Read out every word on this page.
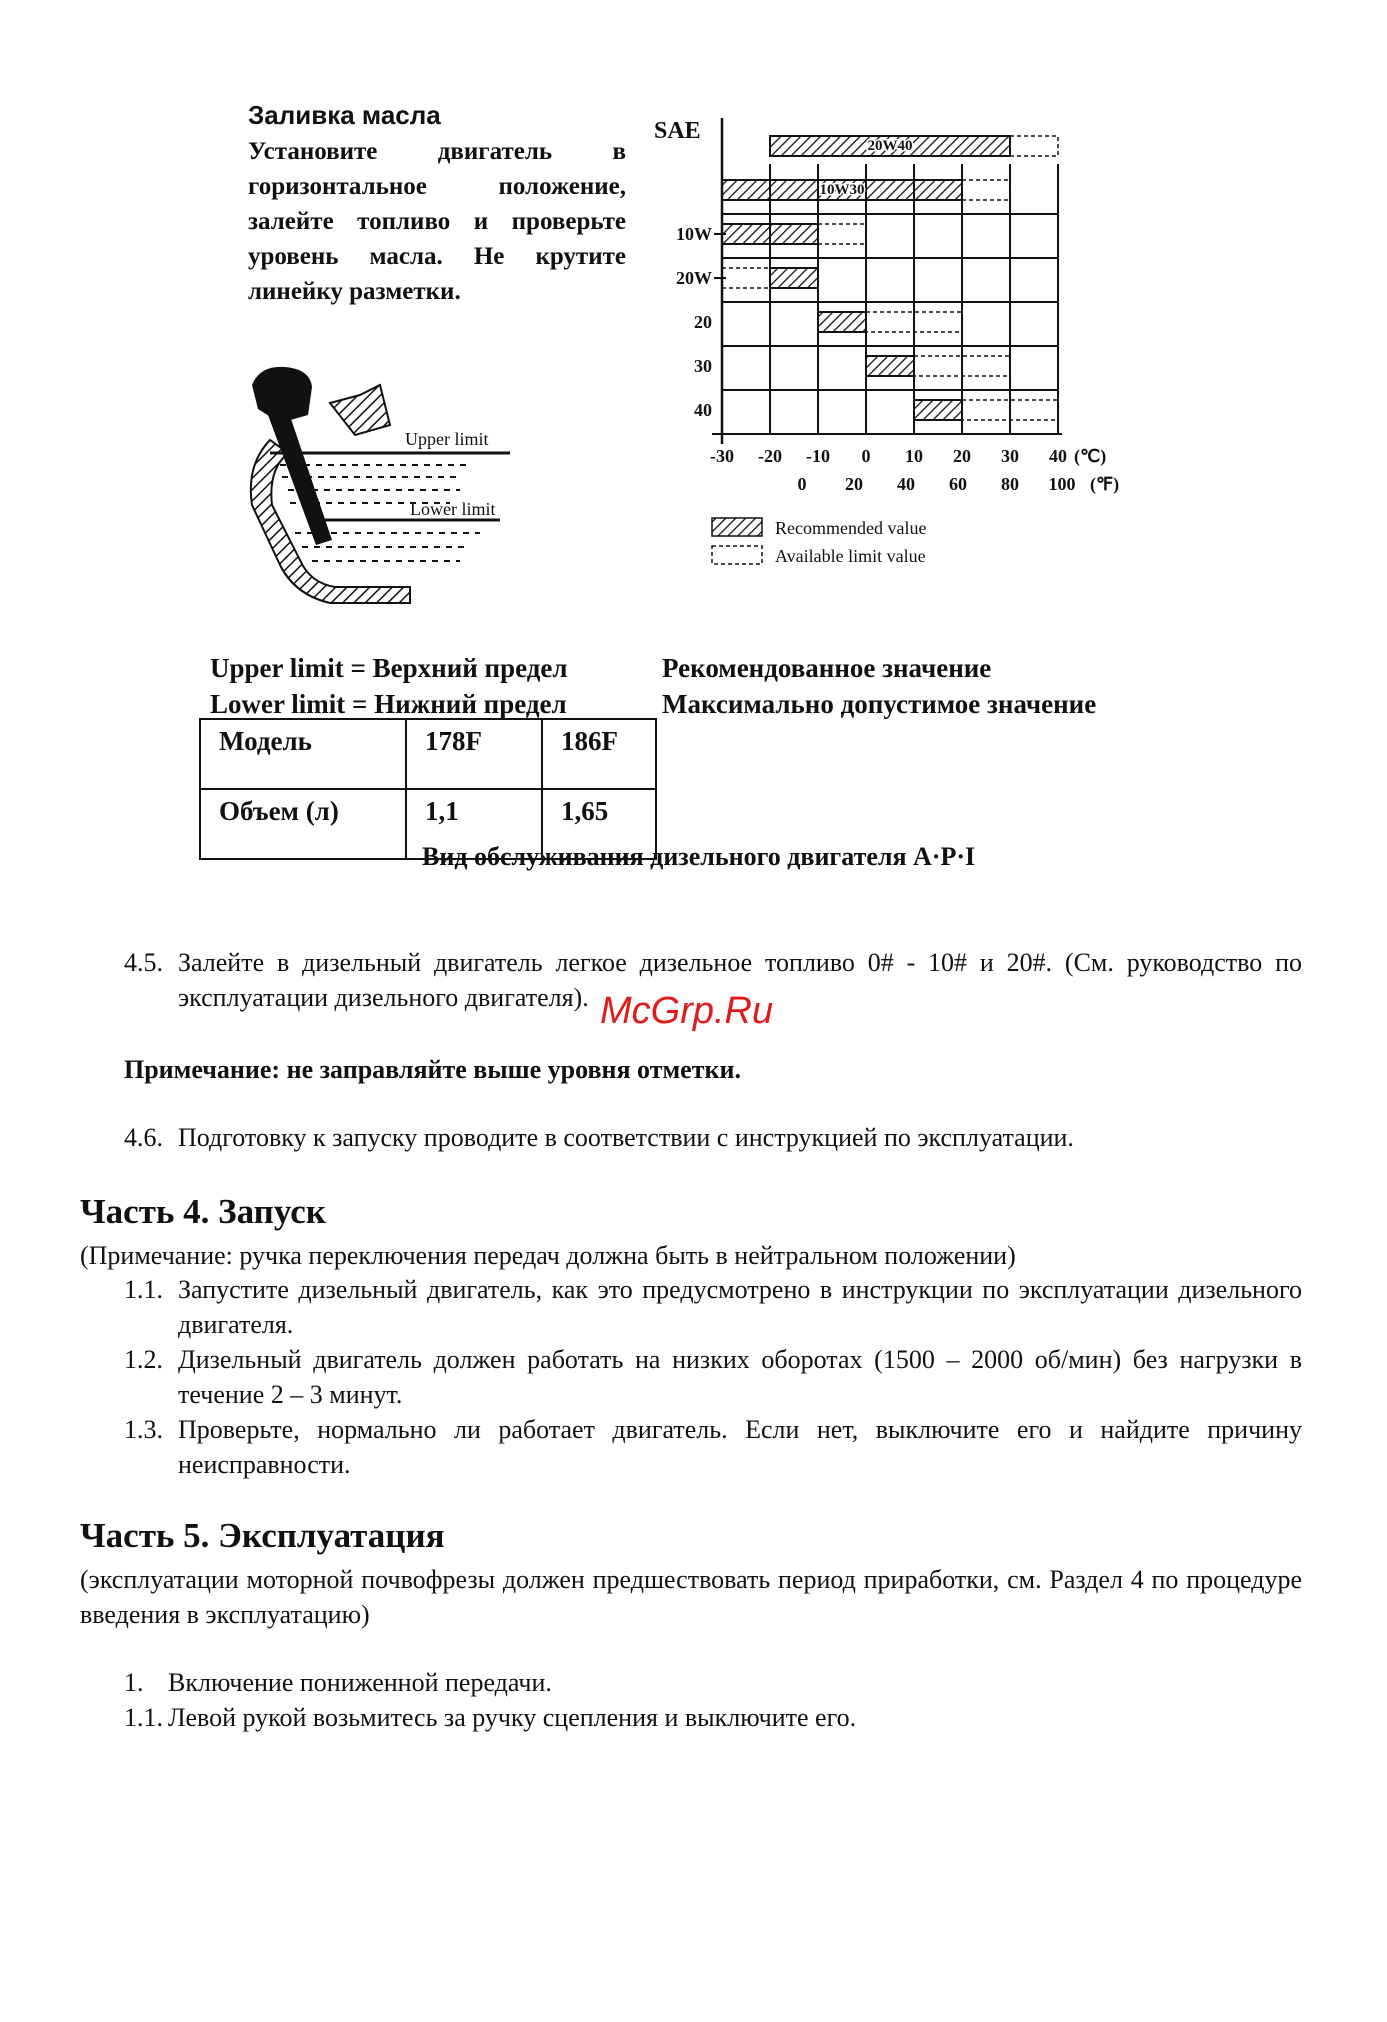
Заливка масла
Установите двигатель в горизонтальное положение, залейте топливо и проверьте уровень масла. Не крутите линейку разметки.
Upper limit
Lower limit
20W40
10W30
10W
20W
20
30
40
-30 -20 -10 0 10 20 30 40 (℃)
0 20 40 60 80 100 (℉)
SAE
Recommended value
Available limit value
Upper limit = Верхний предел
Lower limit = Нижний предел
Рекомендованное значение
Максимально допустимое значение
Модель	178F	186F
Объем (л)	1,1	1,65
Вид обслуживания дизельного двигателя A·P·I
4.5. Залейте в дизельный двигатель легкое дизельное топливо 0# - 10# и 20#. (См. руководство по эксплуатации дизельного двигателя). McGrp.Ru
Примечание: не заправляйте выше уровня отметки.
4.6. Подготовку к запуску проводите в соответствии с инструкцией по эксплуатации.
Часть 4. Запуск
(Примечание: ручка переключения передач должна быть в нейтральном положении)
1.1. Запустите дизельный двигатель, как это предусмотрено в инструкции по эксплуатации дизельного двигателя.
1.2. Дизельный двигатель должен работать на низких оборотах (1500 – 2000 об/мин) без нагрузки в течение 2 – 3 минут.
1.3. Проверьте, нормально ли работает двигатель. Если нет, выключите его и найдите причину неисправности.
Часть 5. Эксплуатация
(эксплуатации моторной почвофрезы должен предшествовать период приработки, см. Раздел 4 по процедуре введения в эксплуатацию)
1. Включение пониженной передачи.
1.1. Левой рукой возьмитесь за ручку сцепления и выключите его.
